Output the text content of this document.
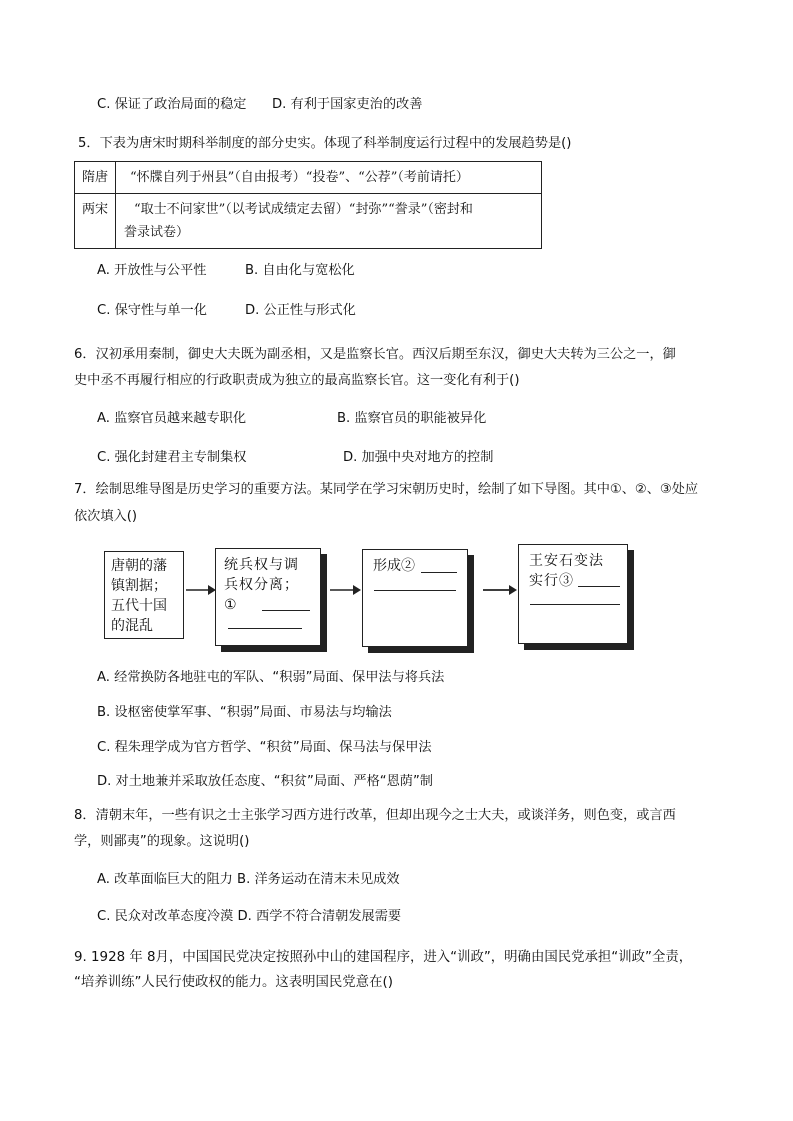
C. 保证了政治局面的稳定 D. 有利于国家吏治的改善
5．下表为唐宋时期科举制度的部分史实。体现了科举制度运行过程中的发展趋势是()
隋唐	“怀牒自列于州县”（自由报考）“投卷”、“公荐”（考前请托）
两宋	“取士不问家世”（以考试成绩定去留）“封弥”“誊录”（密封和
誊录试卷）
A. 开放性与公平性	B. 自由化与宽松化
C. 保守性与单一化	D. 公正性与形式化
6．汉初承用秦制，御史大夫既为副丞相，又是监察长官。西汉后期至东汉，御史大夫转为三公之一，御
史中丞不再履行相应的行政职责成为独立的最高监察长官。这一变化有利于()
A. 监察官员越来越专职化	B. 监察官员的职能被异化
C. 强化封建君主专制集权	D. 加强中央对地方的控制
7．绘制思维导图是历史学习的重要方法。某同学在学习宋朝历史时，绘制了如下导图。其中①、②、③处应
依次填入()
唐朝的藩
镇割据；
五代十国
的混乱
统兵权与调
兵权分离；
①
形成②	王安石变法
实行③
A. 经常换防各地驻屯的军队、“积弱”局面、保甲法与将兵法
B. 设枢密使掌军事、“积弱”局面、市易法与均输法
C. 程朱理学成为官方哲学、“积贫”局面、保马法与保甲法
D. 对土地兼并采取放任态度、“积贫”局面、严格“恩荫”制
8．清朝末年，一些有识之士主张学习西方进行改革，但却出现今之士大夫，或谈洋务，则色变，或言西
学，则鄙夷”的现象。这说明()
A. 改革面临巨大的阻力 B. 洋务运动在清末未见成效
C. 民众对改革态度冷漠 D. 西学不符合清朝发展需要
9. 1928 年 8月，中国国民党决定按照孙中山的建国程序，进入“训政”，明确由国民党承担“训政”全责，
“培养训练”人民行使政权的能力。这表明国民党意在()
